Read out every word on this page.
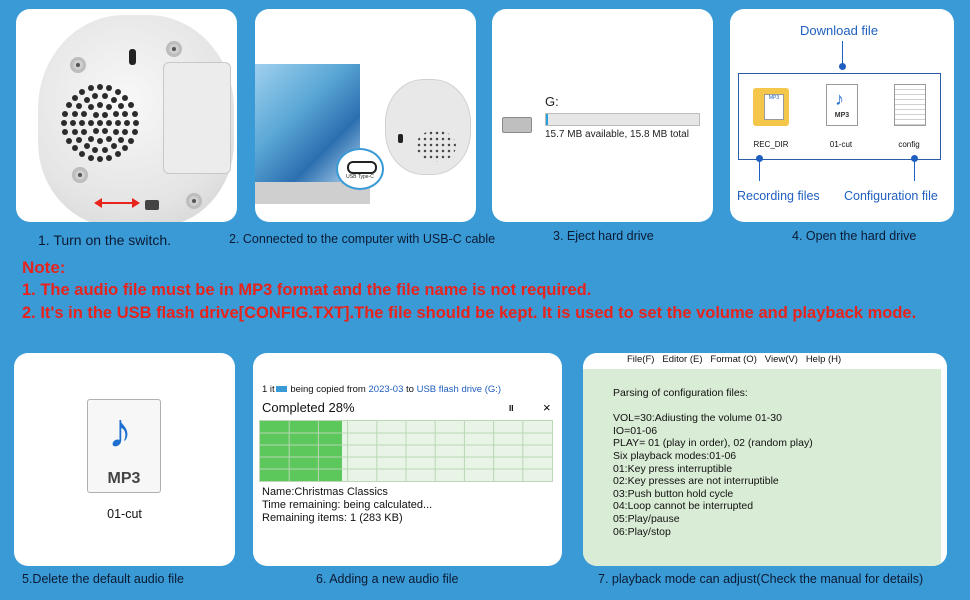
1. Turn on the switch.
USB Type-C
2. Connected to the computer with USB-C cable
G:
15.7 MB available, 15.8 MB total
3. Eject hard drive
Download file
MP3
REC_DIR
♪
MP3
01-cut	config
Recording files Configuration file
4. Open the hard drive
Note:
1. The audio file must be in MP3 format and the file name is not required.
2. It's in the USB flash drive[CONFIG.TXT].The file should be kept. It is used to set the volume and playback mode.
♪
MP3
01-cut
5.Delete the default audio file
1 it being copied from 2023-03 to USB flash drive (G:)
Completed 28%	II ×
Name:Christmas Classics
Time remaining: being calculated...
Remaining items: 1 (283 KB)
6. Adding a new audio file
File(F) Editor (E) Format (O) View(V) Help (H)
Parsing of configuration files:
VOL=30:Adiusting the volume 01-30
IO=01-06
PLAY= 01 (play in order), 02 (random play)
Six playback modes:01-06
01:Key press interruptible
02:Key presses are not interruptible
03:Push button hold cycle
04:Loop cannot be interrupted
05:Play/pause
06:Play/stop
7. playback mode can adjust(Check the manual for details)
